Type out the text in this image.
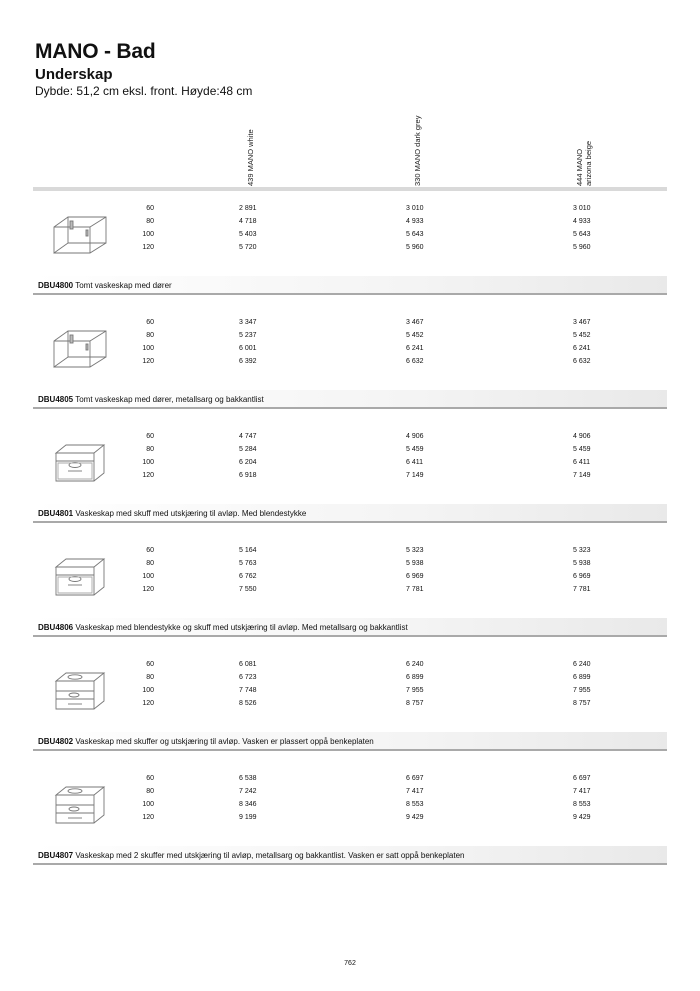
MANO - Bad
Underskap
Dybde: 51,2 cm eksl. front. Høyde:48 cm
439 MANO white	330 MANO dark grey	444 MANO arizona beige
60	2 891	3 010	3 010
80	4 718	4 933	4 933
100	5 403	5 643	5 643
120	5 720	5 960	5 960
DBU4800 Tomt vaskeskap med dører
60	3 347	3 467	3 467
80	5 237	5 452	5 452
100	6 001	6 241	6 241
120	6 392	6 632	6 632
DBU4805 Tomt vaskeskap med dører, metallsarg og bakkantlist
60	4 747	4 906	4 906
80	5 284	5 459	5 459
100	6 204	6 411	6 411
120	6 918	7 149	7 149
DBU4801 Vaskeskap med skuff med utskjæring til avløp. Med blendestykke
60	5 164	5 323	5 323
80	5 763	5 938	5 938
100	6 762	6 969	6 969
120	7 550	7 781	7 781
DBU4806 Vaskeskap med blendestykke og skuff med utskjæring til avløp. Med metallsarg og bakkantlist
60	6 081	6 240	6 240
80	6 723	6 899	6 899
100	7 748	7 955	7 955
120	8 526	8 757	8 757
DBU4802 Vaskeskap med skuffer og utskjæring til avløp. Vasken er plassert oppå benkeplaten
60	6 538	6 697	6 697
80	7 242	7 417	7 417
100	8 346	8 553	8 553
120	9 199	9 429	9 429
DBU4807 Vaskeskap med 2 skuffer med utskjæring til avløp, metallsarg og bakkantlist. Vasken er satt oppå benkeplaten
762
